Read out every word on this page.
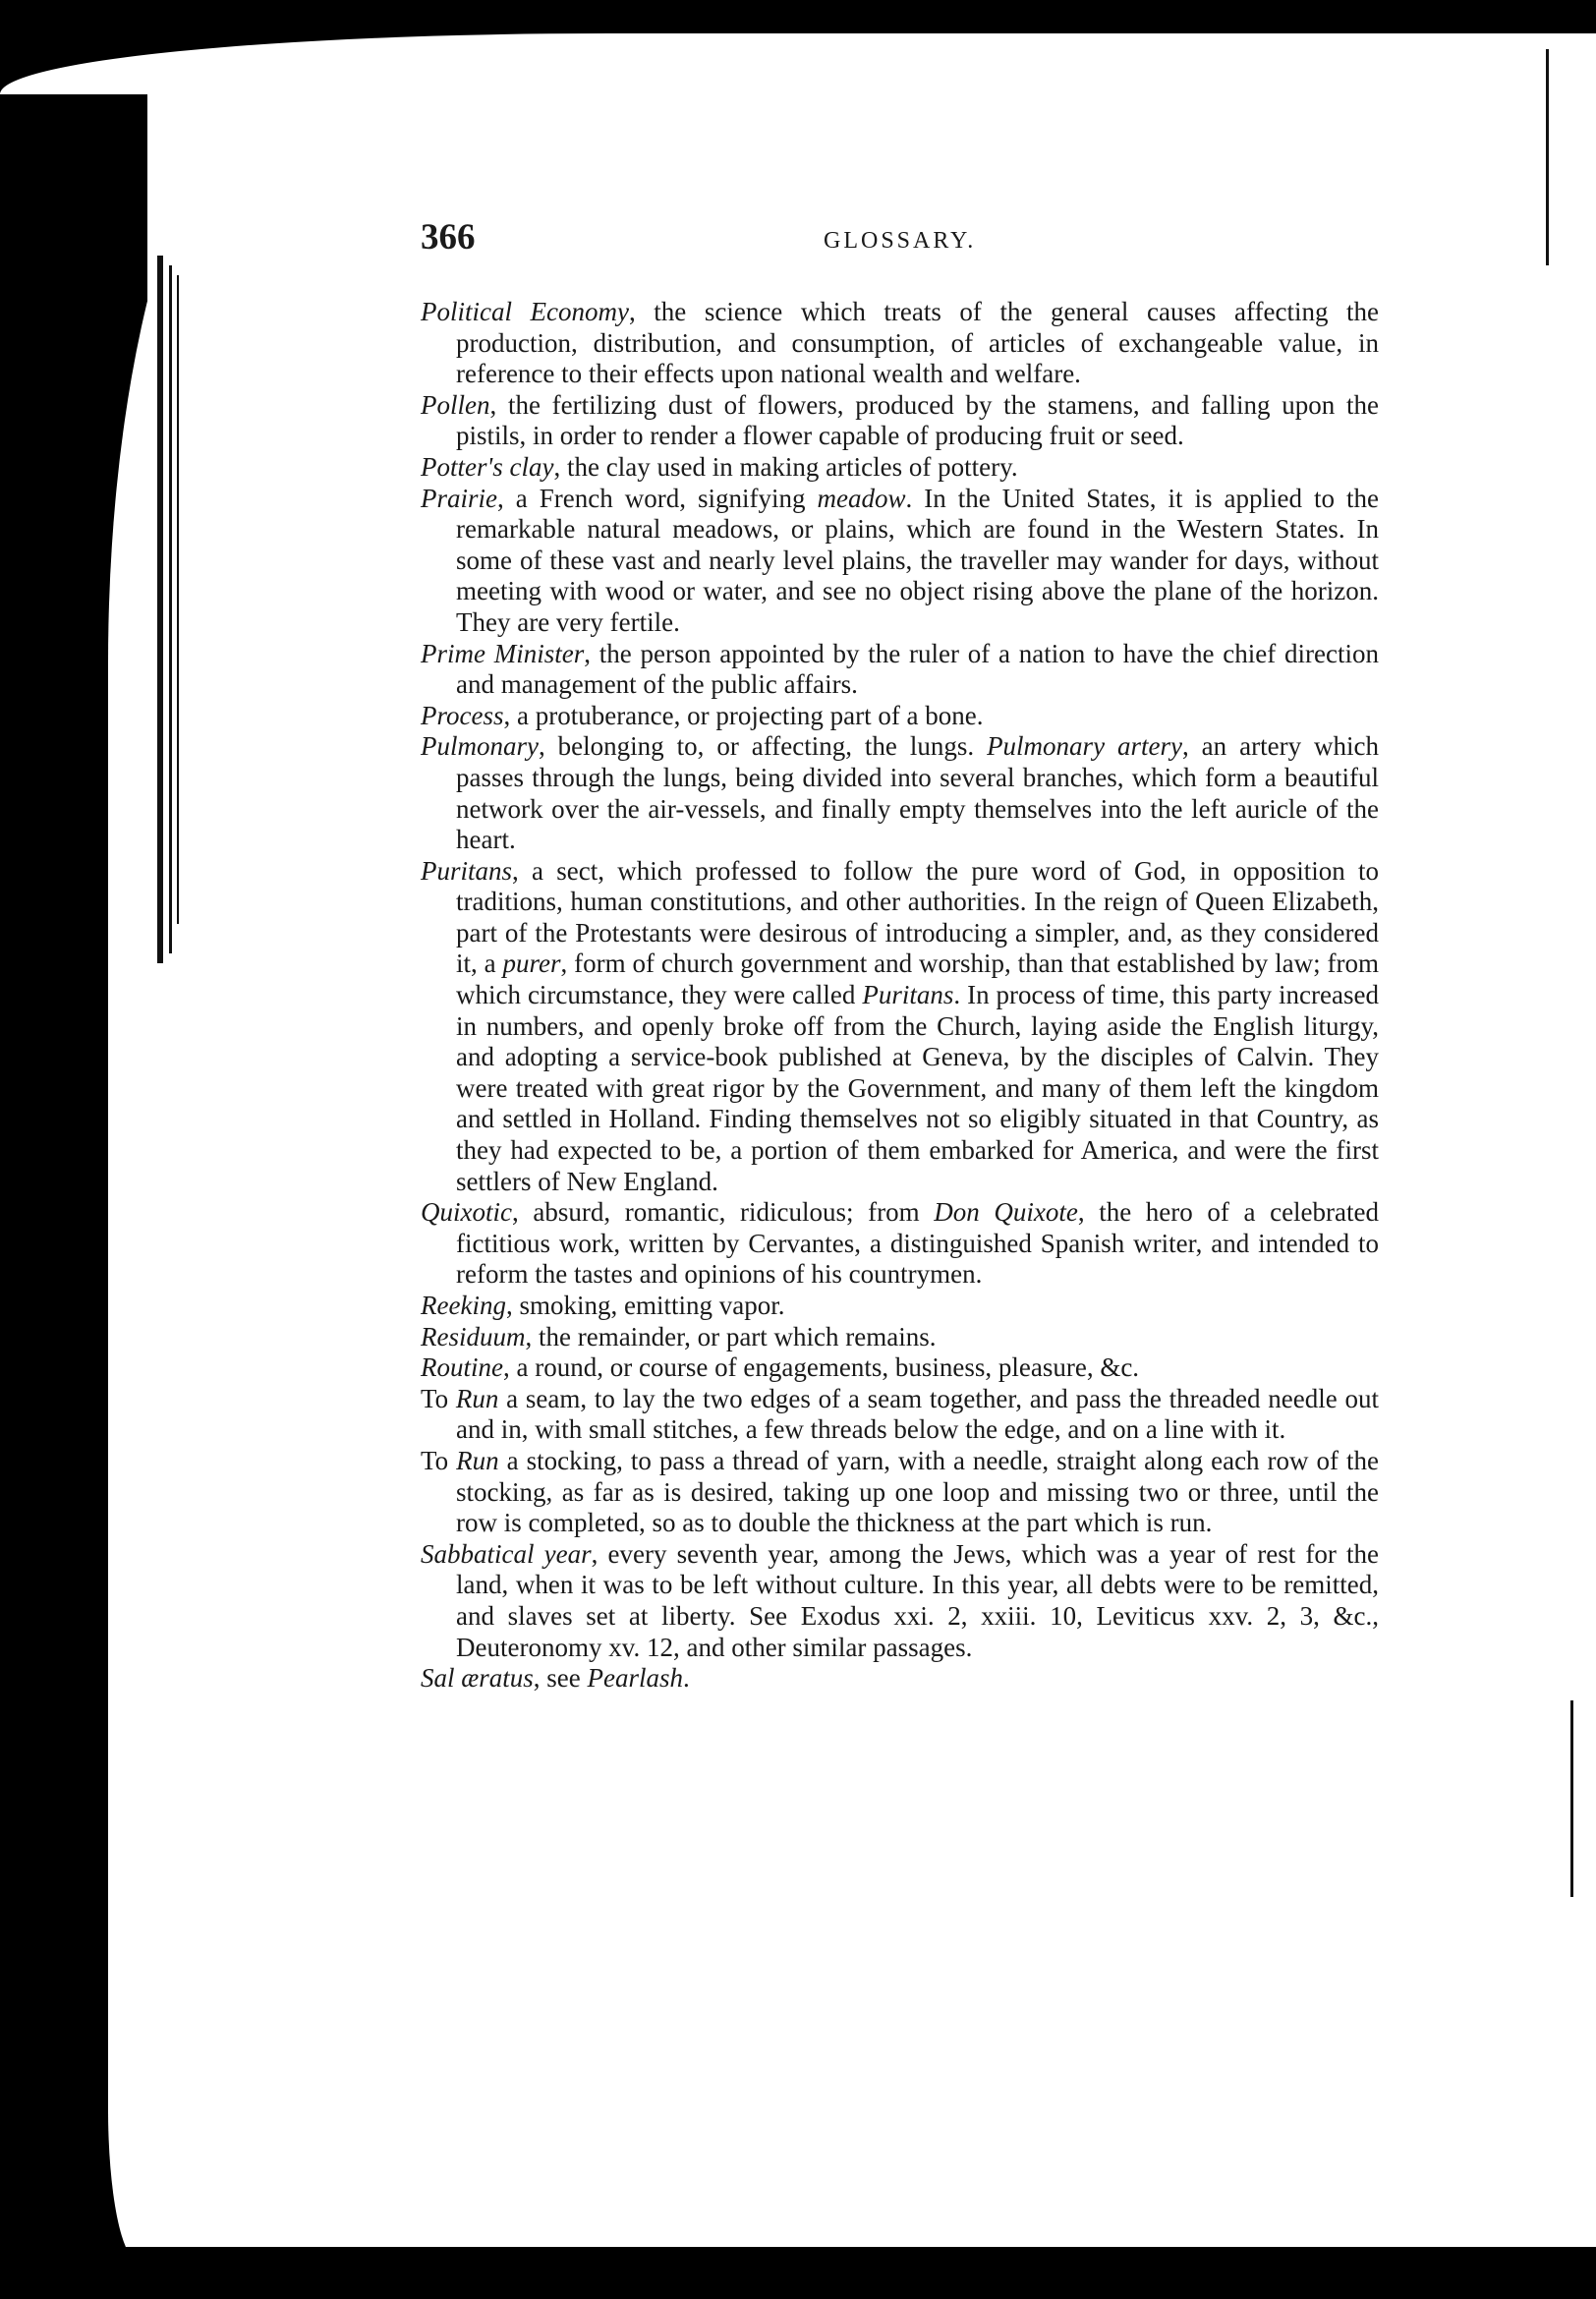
366	GLOSSARY.

Political Economy, the science which treats of the general causes affecting the production, distribution, and consumption, of articles of exchangeable value, in reference to their effects upon national wealth and welfare.

Pollen, the fertilizing dust of flowers, produced by the stamens, and falling upon the pistils, in order to render a flower capable of producing fruit or seed.

Potter's clay, the clay used in making articles of pottery.

Prairie, a French word, signifying meadow. In the United States, it is applied to the remarkable natural meadows, or plains, which are found in the Western States. In some of these vast and nearly level plains, the traveller may wander for days, without meeting with wood or water, and see no object rising above the plane of the horizon. They are very fertile.

Prime Minister, the person appointed by the ruler of a nation to have the chief direction and management of the public affairs.

Process, a protuberance, or projecting part of a bone.

Pulmonary, belonging to, or affecting, the lungs. Pulmonary artery, an artery which passes through the lungs, being divided into several branches, which form a beautiful network over the air-vessels, and finally empty themselves into the left auricle of the heart.

Puritans, a sect, which professed to follow the pure word of God, in opposition to traditions, human constitutions, and other authorities. In the reign of Queen Elizabeth, part of the Protestants were desirous of introducing a simpler, and, as they considered it, a purer, form of church government and worship, than that established by law; from which circumstance, they were called Puritans. In process of time, this party increased in numbers, and openly broke off from the Church, laying aside the English liturgy, and adopting a service-book published at Geneva, by the disciples of Calvin. They were treated with great rigor by the Government, and many of them left the kingdom and settled in Holland. Finding themselves not so eligibly situated in that Country, as they had expected to be, a portion of them embarked for America, and were the first settlers of New England.

Quixotic, absurd, romantic, ridiculous; from Don Quixote, the hero of a celebrated fictitious work, written by Cervantes, a distinguished Spanish writer, and intended to reform the tastes and opinions of his countrymen.

Reeking, smoking, emitting vapor.

Residuum, the remainder, or part which remains.

Routine, a round, or course of engagements, business, pleasure, &c.

To Run a seam, to lay the two edges of a seam together, and pass the threaded needle out and in, with small stitches, a few threads below the edge, and on a line with it.

To Run a stocking, to pass a thread of yarn, with a needle, straight along each row of the stocking, as far as is desired, taking up one loop and missing two or three, until the row is completed, so as to double the thickness at the part which is run.

Sabbatical year, every seventh year, among the Jews, which was a year of rest for the land, when it was to be left without culture. In this year, all debts were to be remitted, and slaves set at liberty. See Exodus xxi. 2, xxiii. 10, Leviticus xxv. 2, 3, &c., Deuteronomy xv. 12, and other similar passages.

Sal æratus, see Pearlash.
